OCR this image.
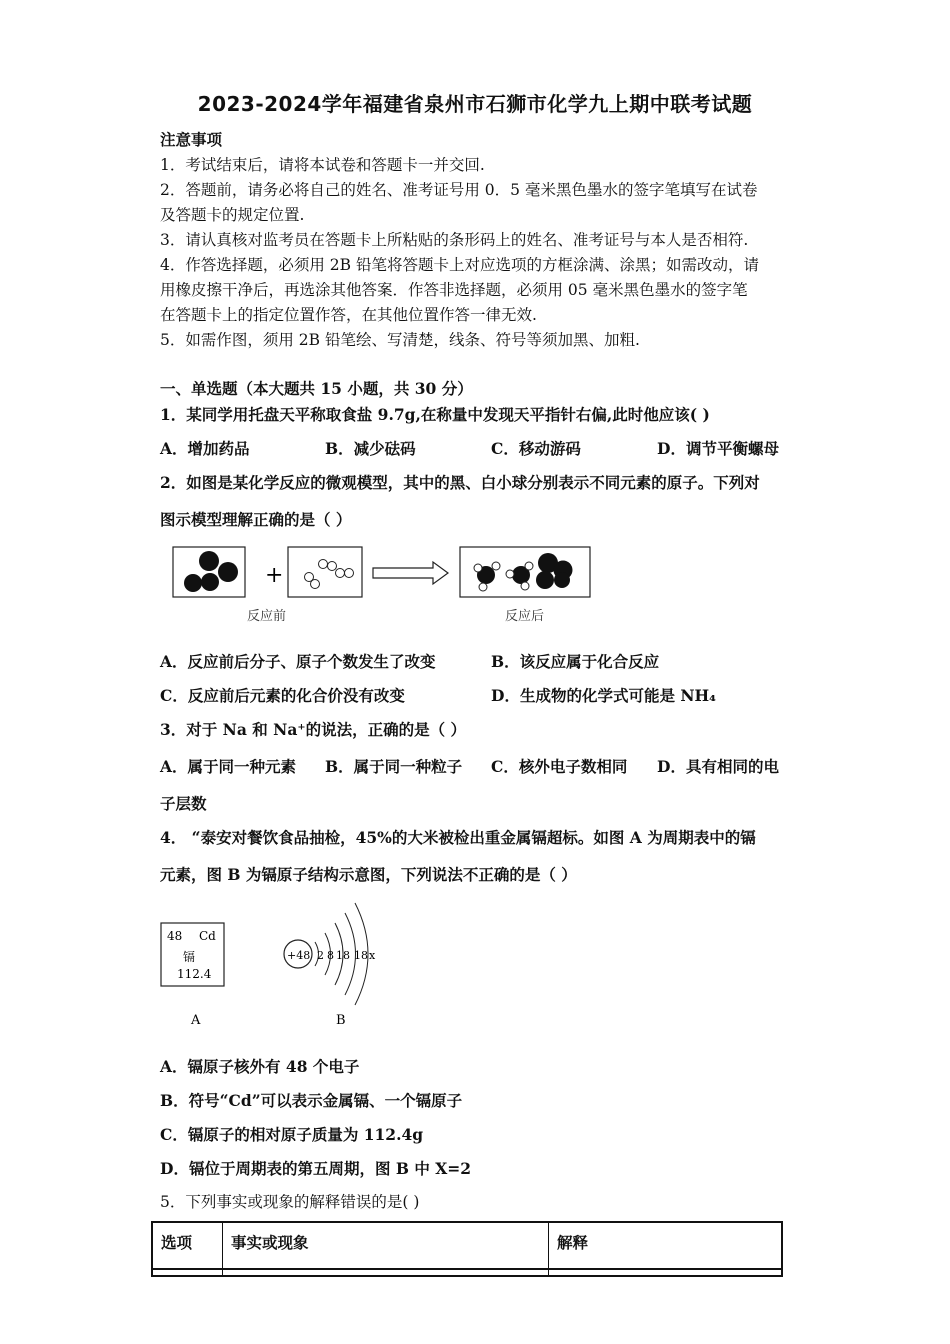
2023-2024学年福建省泉州市石狮市化学九上期中联考试题
注意事项
1．考试结束后，请将本试卷和答题卡一并交回.
2．答题前，请务必将自己的姓名、准考证号用 0．5 毫米黑色墨水的签字笔填写在试卷
及答题卡的规定位置.
3．请认真核对监考员在答题卡上所粘贴的条形码上的姓名、准考证号与本人是否相符.
4．作答选择题，必须用 2B 铅笔将答题卡上对应选项的方框涂满、涂黑；如需改动，请
用橡皮擦干净后，再选涂其他答案．作答非选择题，必须用 05 毫米黑色墨水的签字笔
在答题卡上的指定位置作答，在其他位置作答一律无效.
5．如需作图，须用 2B 铅笔绘、写清楚，线条、符号等须加黑、加粗.
一、单选题（本大题共 15 小题，共 30 分）
1．某同学用托盘天平称取食盐 9.7g,在称量中发现天平指针右偏,此时他应该( )
A．增加药品	B．减少砝码	C．移动游码	D．调节平衡螺母
2．如图是某化学反应的微观模型，其中的黑、白小球分别表示不同元素的原子。下列对
图示模型理解正确的是（ ）
+
反应前	反应后
A．反应前后分子、原子个数发生了改变	B．该反应属于化合反应
C．反应前后元素的化合价没有改变	D．生成物的化学式可能是 NH₄
3．对于 Na 和 Na⁺的说法，正确的是（ ）
A．属于同一种元素 B．属于同一种粒子 C．核外电子数相同 D．具有相同的电
子层数
4． “泰安对餐饮食品抽检，45%的大米被检出重金属镉超标。如图 A 为周期表中的镉
元素，图 B 为镉原子结构示意图，下列说法不正确的是（ ）
48 Cd
镉
112.4
A
+48 2 8 18 18 x
B
A．镉原子核外有 48 个电子
B．符号“Cd”可以表示金属镉、一个镉原子
C．镉原子的相对原子质量为 112.4g
D．镉位于周期表的第五周期，图 B 中 X=2
5．下列事实或现象的解释错误的是( )
选项	事实或现象	解释
